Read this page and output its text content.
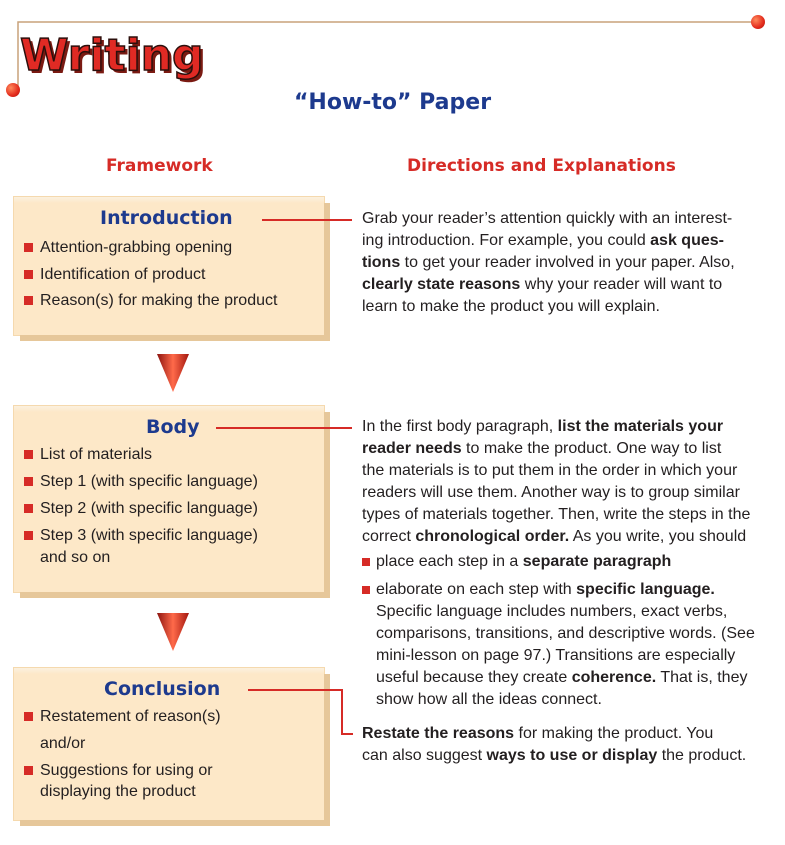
Writing
“How-to” Paper
Framework	Directions and Explanations
Introduction
Attention-grabbing opening
Identification of product
Reason(s) for making the product
Body
List of materials
Step 1 (with specific language)
Step 2 (with specific language)
Step 3 (with specific language)
and so on
Conclusion
Restatement of reason(s)
and/or
Suggestions for using or
displaying the product
Grab your reader’s attention quickly with an interest-
ing introduction. For example, you could ask ques-
tions to get your reader involved in your paper. Also,
clearly state reasons why your reader will want to
learn to make the product you will explain.
In the first body paragraph, list the materials your
reader needs to make the product. One way to list
the materials is to put them in the order in which your
readers will use them. Another way is to group similar
types of materials together. Then, write the steps in the
correct chronological order. As you write, you should
place each step in a separate paragraph
elaborate on each step with specific language.
Specific language includes numbers, exact verbs,
comparisons, transitions, and descriptive words. (See
mini-lesson on page 97.) Transitions are especially
useful because they create coherence. That is, they
show how all the ideas connect.
Restate the reasons for making the product. You
can also suggest ways to use or display the product.
